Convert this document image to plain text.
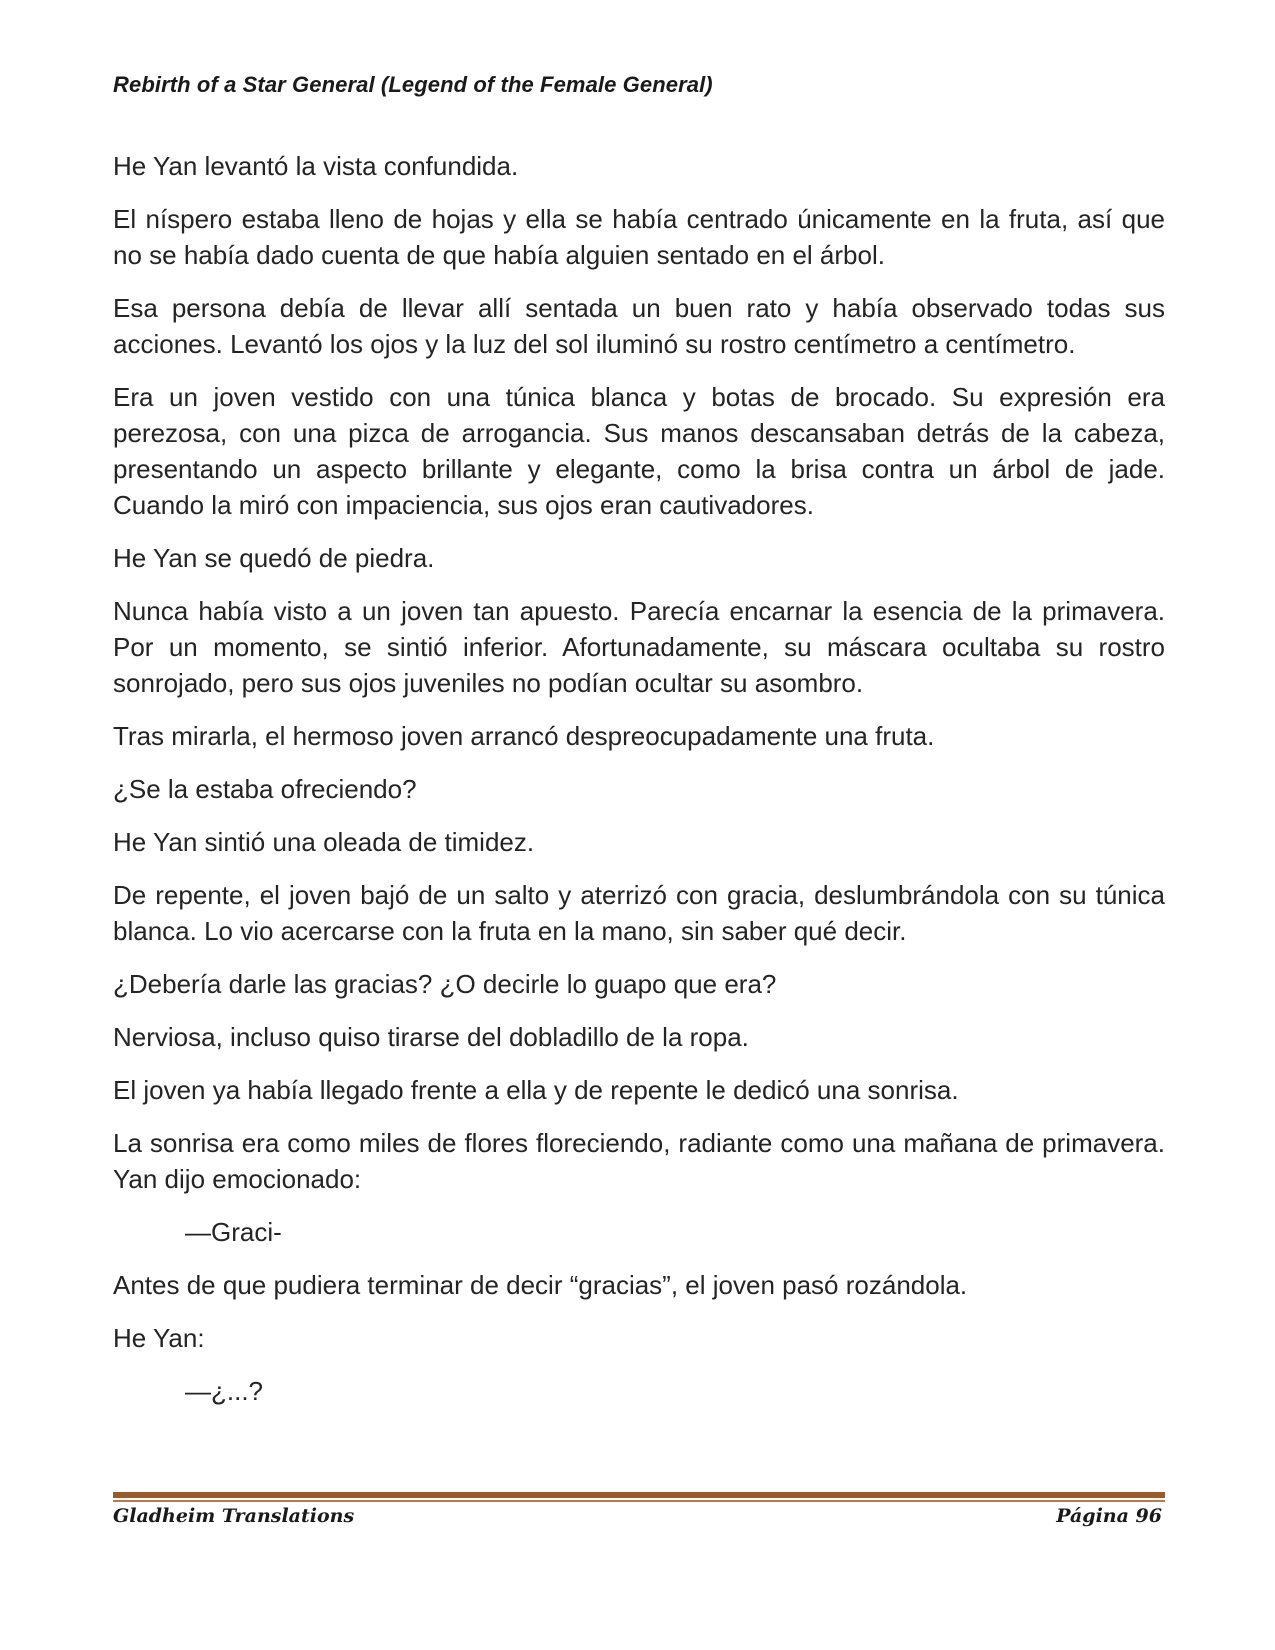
Rebirth of a Star General (Legend of the Female General)

He Yan levantó la vista confundida.

El níspero estaba lleno de hojas y ella se había centrado únicamente en la fruta, así que no se había dado cuenta de que había alguien sentado en el árbol.

Esa persona debía de llevar allí sentada un buen rato y había observado todas sus acciones. Levantó los ojos y la luz del sol iluminó su rostro centímetro a centímetro.

Era un joven vestido con una túnica blanca y botas de brocado. Su expresión era perezosa, con una pizca de arrogancia. Sus manos descansaban detrás de la cabeza, presentando un aspecto brillante y elegante, como la brisa contra un árbol de jade. Cuando la miró con impaciencia, sus ojos eran cautivadores.

He Yan se quedó de piedra.

Nunca había visto a un joven tan apuesto. Parecía encarnar la esencia de la primavera. Por un momento, se sintió inferior. Afortunadamente, su máscara ocultaba su rostro sonrojado, pero sus ojos juveniles no podían ocultar su asombro.

Tras mirarla, el hermoso joven arrancó despreocupadamente una fruta.

¿Se la estaba ofreciendo?

He Yan sintió una oleada de timidez.

De repente, el joven bajó de un salto y aterrizó con gracia, deslumbrándola con su túnica blanca. Lo vio acercarse con la fruta en la mano, sin saber qué decir.

¿Debería darle las gracias? ¿O decirle lo guapo que era?

Nerviosa, incluso quiso tirarse del dobladillo de la ropa.

El joven ya había llegado frente a ella y de repente le dedicó una sonrisa.

La sonrisa era como miles de flores floreciendo, radiante como una mañana de primavera. Yan dijo emocionado:

—Graci-

Antes de que pudiera terminar de decir “gracias”, el joven pasó rozándola.

He Yan:

—¿...?

Gladheim Translations	Página 96
